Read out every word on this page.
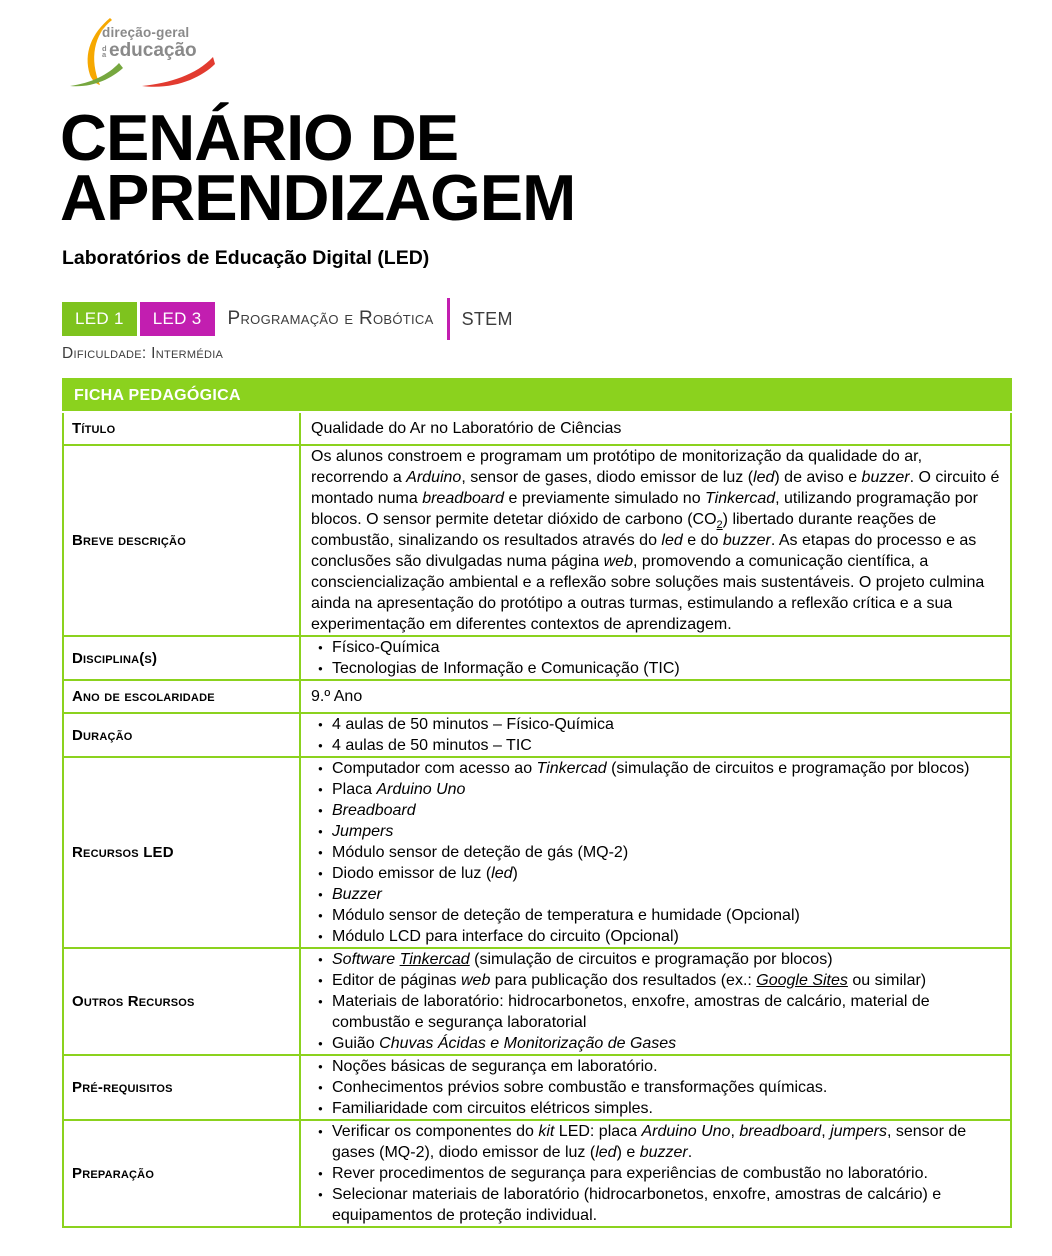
direção-geral
da educação
CENÁRIO DE APRENDIZAGEM
Laboratórios de Educação Digital (LED)
LED 1	LED 3	Programação e Robótica STEM
Dificuldade: Intermédia
FICHA PEDAGÓGICA	
Título	Qualidade do Ar no Laboratório de Ciências

Breve descrição	Os alunos constroem e programam um protótipo de monitorização da qualidade do ar, recorrendo a Arduino, sensor de gases, diodo emissor de luz (led) de aviso e buzzer. O circuito é montado numa breadboard e previamente simulado no Tinkercad, utilizando programação por blocos. O sensor permite detetar dióxido de carbono $(CO_2)$ libertado durante reações de combustão, sinalizando os resultados através do led e do buzzer. As etapas do processo e as conclusões são divulgadas numa página web, promovendo a comunicação científica, a consciencialização ambiental e a reflexão sobre soluções mais sustentáveis. O projeto culmina ainda na apresentação do protótipo a outras turmas, estimulando a reflexão crítica e a sua experimentação em diferentes contextos de aprendizagem.

Disciplina(s)	
● Físico-Química
● Tecnologias de Informação e Comunicação (TIC)

Ano de escolaridade	9.º Ano

Duração	
● 4 aulas de 50 minutos – Físico-Química
● 4 aulas de 50 minutos – TIC

Recursos LED	
● Computador com acesso ao Tinkercad (simulação de circuitos e programação por blocos)
● Placa Arduino Uno
● Breadboard
● Jumpers
● Módulo sensor de deteção de gás (MQ-2)
● Diodo emissor de luz (led)
● Buzzer
● Módulo sensor de deteção de temperatura e humidade (Opcional)
● Módulo LCD para interface do circuito (Opcional)

Outros Recursos	
● Software Tinkercad (simulação de circuitos e programação por blocos)
● Editor de páginas web para publicação dos resultados (ex.: Google Sites ou similar)
● Materiais de laboratório: hidrocarbonetos, enxofre, amostras de calcário, material de combustão e segurança laboratorial
● Guião Chuvas Ácidas e Monitorização de Gases

Pré-requisitos	
● Noções básicas de segurança em laboratório.
● Conhecimentos prévios sobre combustão e transformações químicas.
● Familiaridade com circuitos elétricos simples.

Preparação	
● Verificar os componentes do kit LED: placa Arduino Uno, breadboard, jumpers, sensor de gases (MQ-2), diodo emissor de luz (led) e buzzer.
● Rever procedimentos de segurança para experiências de combustão no laboratório.
● Selecionar materiais de laboratório (hidrocarbonetos, enxofre, amostras de calcário) e equipamentos de proteção individual.
